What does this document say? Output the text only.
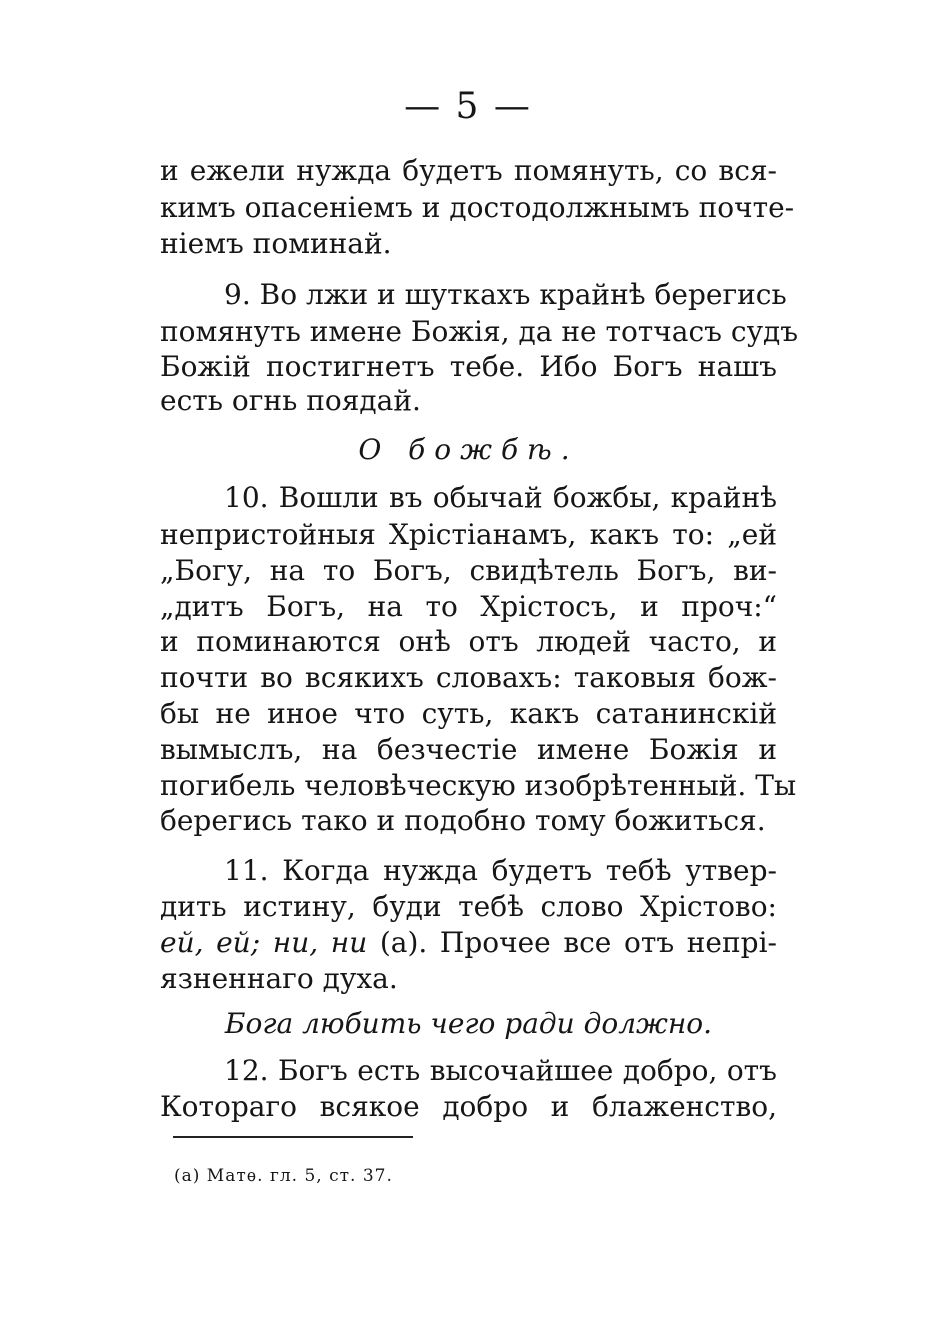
— 5 —
и ежели нужда будетъ помянуть, со вся-
кимъ опасеніемъ и достодолжнымъ почте-
ніемъ поминай.
9. Во лжи и шуткахъ крайнѣ берегись
помянуть имене Божія, да не тотчасъ судъ
Божій постигнетъ тебе. Ибо Богъ нашъ
есть огнь поядай.
О божбѣ.
10. Вошли въ обычай божбы, крайнѣ
непристойныя Хрістіанамъ, какъ то: „ей
„Богу, на то Богъ, свидѣтель Богъ, ви-
„дитъ Богъ, на то Хрістосъ, и проч:“
и поминаются онѣ отъ людей часто, и
почти во всякихъ словахъ: таковыя бож-
бы не иное что суть, какъ сатанинскій
вымыслъ, на безчестіе имене Божія и
погибель человѣческую изобрѣтенный. Ты
берегись тако и подобно тому божиться.
11. Когда нужда будетъ тебѣ утвер-
дить истину, буди тебѣ слово Хрістово:
ей, ей; ни, ни (а). Прочее все отъ непрі-
язненнаго духа.
Бога любить чего ради должно.
12. Богъ есть высочайшее добро, отъ
Котораго всякое добро и блаженство,
(а) Матѳ. гл. 5, ст. 37.
